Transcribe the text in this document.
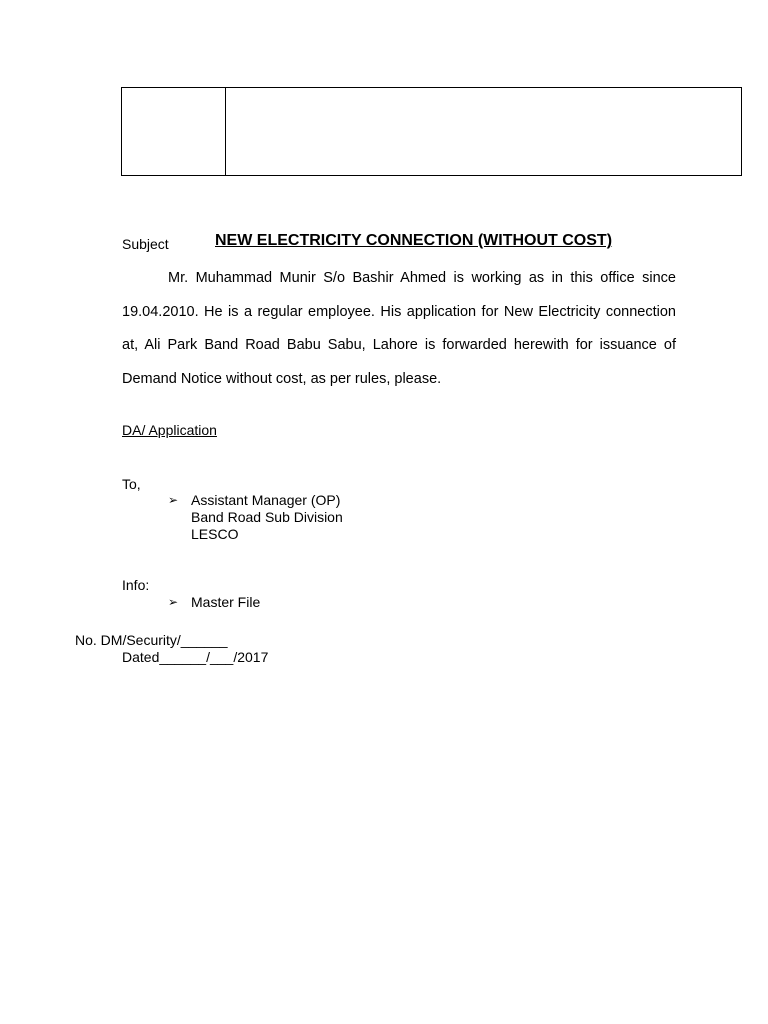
Subject	NEW ELECTRICITY CONNECTION (WITHOUT COST)

Mr. Muhammad Munir S/o Bashir Ahmed is working as in this office since 19.04.2010. He is a regular employee. His application for New Electricity connection at, Ali Park Band Road Babu Sabu, Lahore is forwarded herewith for issuance of Demand Notice without cost, as per rules, please.

DA/ Application
To,
➢ Assistant Manager (OP)
Band Road Sub Division
LESCO
Info:
➢ Master File
No. DM/Security/______
Dated______/___/2017
